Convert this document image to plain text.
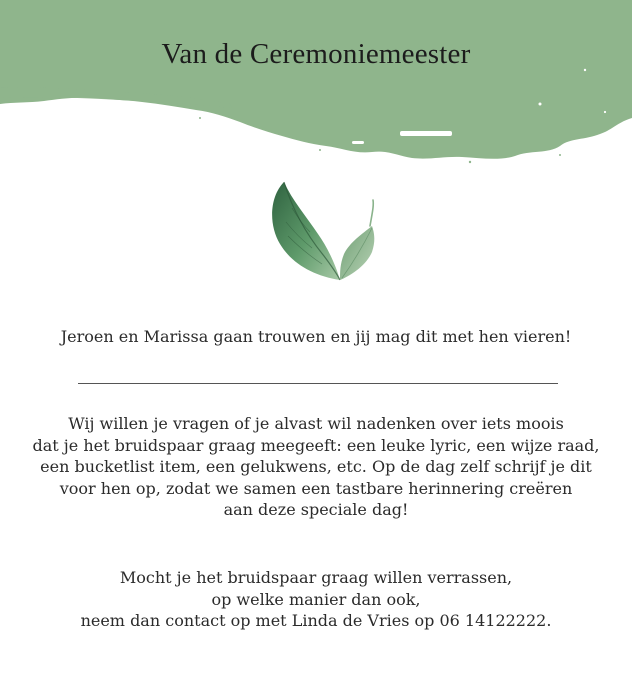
Van de Ceremoniemeester
Jeroen en Marissa gaan trouwen en jij mag dit met hen vieren!
Wij willen je vragen of je alvast wil nadenken over iets moois
dat je het bruidspaar graag meegeeft: een leuke lyric, een wijze raad,
een bucketlist item, een gelukwens, etc. Op de dag zelf schrijf je dit
voor hen op, zodat we samen een tastbare herinnering creëren
aan deze speciale dag!
Mocht je het bruidspaar graag willen verrassen,
op welke manier dan ook,
neem dan contact op met Linda de Vries op 06 14122222.
